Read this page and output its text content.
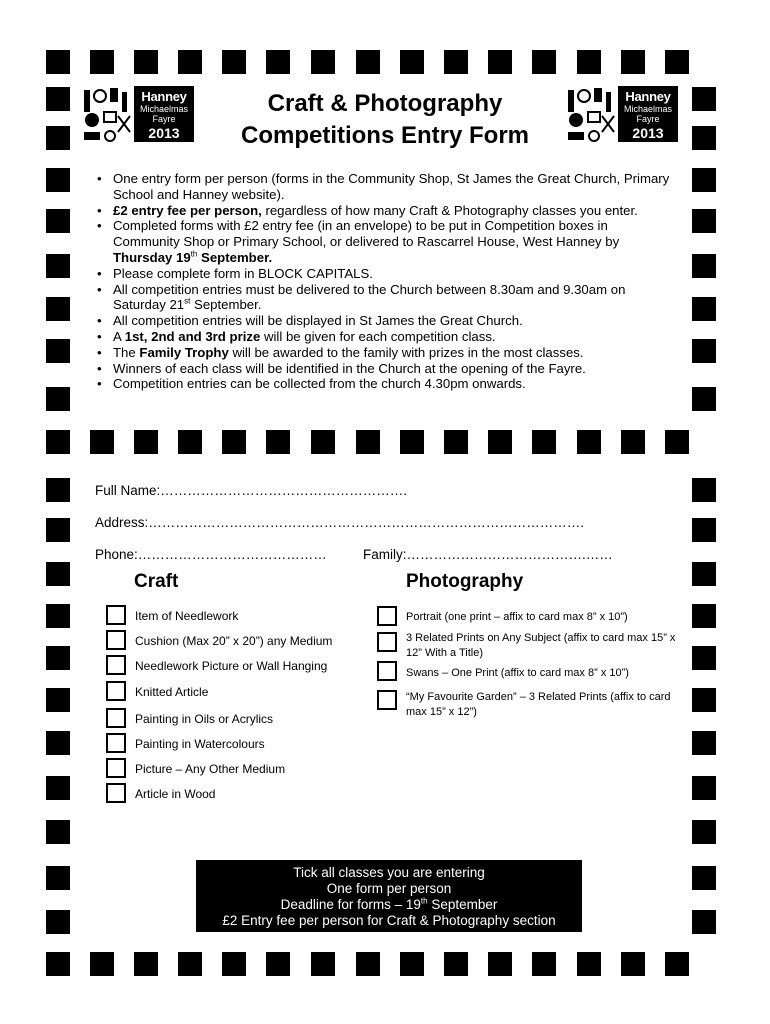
Hanney
Michaelmas
Fayre
2013
Hanney
Michaelmas
Fayre
2013
Craft & Photography
Competitions Entry Form
• One entry form per person (forms in the Community Shop, St James the Great Church, Primary School and Hanney website).
• £2 entry fee per person, regardless of how many Craft & Photography classes you enter.
• Completed forms with £2 entry fee (in an envelope) to be put in Competition boxes in Community Shop or Primary School, or delivered to Rascarrel House, West Hanney by Thursday 19th September.
• Please complete form in BLOCK CAPITALS.
• All competition entries must be delivered to the Church between 8.30am and 9.30am on Saturday 21st September.
• All competition entries will be displayed in St James the Great Church.
• A 1st, 2nd and 3rd prize will be given for each competition class.
• The Family Trophy will be awarded to the family with prizes in the most classes.
• Winners of each class will be identified in the Church at the opening of the Fayre.
• Competition entries can be collected from the church 4.30pm onwards.
Full Name:……………………………………………….
Address:…………………………………………………………………………………….
Phone:……………………………………	Family:………………………………….……
Craft
Item of Needlework
Cushion (Max 20” x 20”) any Medium
Needlework Picture or Wall Hanging
Knitted Article
Painting in Oils or Acrylics
Painting in Watercolours
Picture – Any Other Medium
Article in Wood
Photography
Portrait (one print – affix to card max 8” x 10”)
3 Related Prints on Any Subject (affix to card max 15” x 12” With a Title)
Swans – One Print (affix to card max 8” x 10”)
“My Favourite Garden” – 3 Related Prints (affix to card max 15” x 12”)
Tick all classes you are entering
One form per person
Deadline for forms – 19th September
£2 Entry fee per person for Craft & Photography section
